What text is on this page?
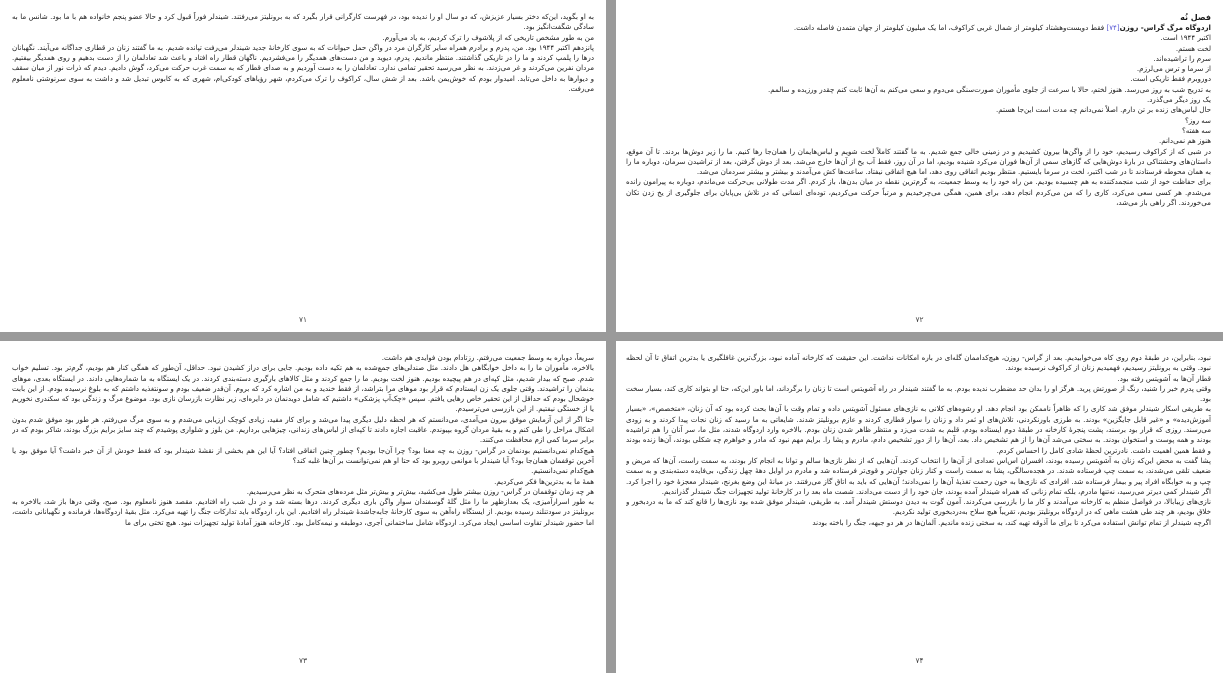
به او بگوید، این‌که دختر بسیار عزیزش، که دو سال او را ندیده بود، در فهرست کارگرانی قرار بگیرد که به برونلیتز می‌رفتند. شیندلر فوراً قبول کرد و حالا عضو پنجم خانواده هم با ما بود. شانس ما به سادگی شگفت‌انگیز بود.

من به طور مشخص تاریخی که از پلاشوف را ترک کردیم، به یاد می‌آورم.

پانزدهم اکتبر ۱۹۴۴ بود. من، پدرم و برادرم همراه سایر کارگران مرد در واگن حمل حیوانات که به سوی کارخانهٔ جدید شیندلر می‌رفت تپانده شدیم. به ما گفتند زنان در قطاری جداگانه می‌آیند. نگهبانان درها را پلمپ کردند و ما را در تاریکی گذاشتند. منتظر ماندیم. پدرم، دیوید و من دست‌های همدیگر را می‌فشردیم. ناگهان قطار راه افتاد و باعث شد تعادلمان را از دست بدهیم و روی همدیگر بیفتیم. مردان نفرین می‌کردند و غر می‌زدند. به نظر می‌رسید تحقیر تمامی ندارد. تعادلمان را به دست آوردیم و به صدای قطار که به سمت غرب حرکت می‌کرد، گوش دادیم. دیدم که ذرات نور از میان سقف و دیوارها به داخل می‌تابد. امیدوار بودم که خوش‌یمن باشد. بعد از شش سال، کراکوف را ترک می‌کردم، شهر رؤیاهای کودکی‌ام، شهری که به کابوس تبدیل شد و داشت به سوی سرنوشتی نامعلوم می‌رفت.

۷۱

فصل نُه

اردوگاه مرگ گراس- روزن[۷۴] فقط دویست‌وهشتاد کیلومتر از شمال غربی کراکوف، اما یک میلیون کیلومتر از جهان متمدن فاصله داشت.

اکتبر ۱۹۴۴ است.

لخت هستم.

سرم را تراشیده‌اند.

از سرما و ترس می‌لرزم.

دوروبرم فقط تاریکی است.

به تدریج شب به روز می‌رسد. هنوز لختم، حالا با سرعت از جلوی مأموران صورت‌سنگی می‌دوم و سعی می‌کنم به آن‌ها ثابت کنم چقدر ورزیده و سالمم.

یک روز دیگر می‌گذرد.

حال لباس‌های زنده بر تن دارم. اصلاً نمی‌دانم چه مدت است این‌جا هستم.

سه روز؟

سه هفته؟

هنوز هم نمی‌دانم.

در شبی که از کراکوف رسیدیم، خود را از واگن‌ها بیرون کشیدیم و در زمینی خالی جمع شدیم. به ما گفتند کاملاً لخت شویم و لباس‌هایمان را همان‌جا رها کنیم. ما را زیر دوش‌ها بردند. تا آن موقع، داستان‌های وحشتناکی در بارهٔ دوش‌هایی که گازهای سمی از آن‌ها فوران می‌کرد شنیده بودیم، اما در آن روز، فقط آب یخ از آن‌ها خارج می‌شد. بعد از دوش گرفتن، بعد از تراشیدن سرمان، دوباره ما را به همان محوطه فرستادند تا در شب اکتبر، لخت در سرما بایستیم. منتظر بودیم اتفاقی روی دهد، اما هیچ اتفاقی نیفتاد. ساعت‌ها کش می‌آمدند و بیشتر و بیشتر سردمان می‌شد.

برای حفاظت خود از شب منجمدکننده به هم چسبیده بودیم. من راه خود را به وسط جمعیت، به گرم‌ترین نقطه در میان بدن‌ها، باز کردم. اگر مدت طولانی بی‌حرکت می‌ماندم، دوباره به پیرامون رانده می‌شدم. هر کسی سعی می‌کرد، کاری را که من می‌کردم انجام دهد، برای همین، همگی می‌چرخیدیم و مرتباً حرکت می‌کردیم، توده‌ای انسانی که در تلاش بی‌پایان برای جلوگیری از یخ زدن تکان می‌خوردند. اگر راهی باز می‌شد،

۷۲

سریعاً، دوباره به وسط جمعیت می‌رفتم. رزتادام بودن فوایدی هم داشت.

بالاخره، مأموران ما را به داخل خوابگاهی هل دادند. مثل صندلی‌های جمع‌شده به هم تکیه داده بودیم. جایی برای دراز کشیدن نبود. حداقل، آن‌طور که همگی کنار هم بودیم، گرم‌تر بود. تسلیم خواب شدم. صبح که بیدار شدیم، مثل کپه‌ای در هم پیچیده بودیم. هنوز لخت بودیم. ما را جمع کردند و مثل کالاهای بارگیری دسته‌بندی کردند. در یک ایستگاه به ما شماره‌هایی دادند. در ایستگاه بعدی، موهای بدنمان را تراشیدند. وقتی جلوی یک زن ایستادم که قرار بود موهای مرا بتراشد، از فقط خندید و به من اشاره کرد که بروم. آن‌قدر ضعیف بودم و سونتغذیه داشتم که به بلوغ نرسیده بودم. از این بابت خوشحال بودم که حداقل از این تحقیر خاص رهایی یافتم. سپس «چک‌آپ پزشکی» داشتیم که شامل دویدنمان در دایره‌ای، زیر نظارت بازرسان نازی بود. موضوع مرگ و زندگی بود که سکندری نخوریم یا از خستگی نیفتیم. از این بازرسی می‌ترسیدم.

حتا اگر از این آزمایش موفق بیرون می‌آمدی، می‌دانستم که هر لحظه دلیل دیگری پیدا می‌شد و برای کار مفید، زیادی کوچک ارزیابی می‌شدم و به سوی مرگ می‌رفتم. هر طور بود موفق شدم بدون اشکال مراحل را طی کنم و به بقیهٔ مردان گروه بپیوندم. عاقبت اجازه دادند تا کپه‌ای از لباس‌های زندانی، چیزهایی برداریم. من بلوز و شلواری پوشیدم که چند سایز برایم بزرگ بودند، شاکر بودم که در برابر سرما کمی ازم محافظت می‌کنند.

هیچ‌کدام نمی‌دانستیم بودنمان در گراس- روزن به چه معنا بود؟ چرا آن‌جا بودیم؟ چطور چنین اتفاقی افتاد؟ آیا این هم بخشی از نقشهٔ شیندلر بود که فقط خودش از آن خبر داشت؟ آیا موفق بود یا آخرین توقفمان همان‌جا بود؟ آیا شیندلر با موانعی روبرو بود که حتا او هم نمی‌توانست بر آن‌ها غلبه کند؟

هیچ‌کدام نمی‌دانستیم.

همهٔ ما به بدترین‌ها فکر می‌کردیم.

هر چه زمان توقفمان در گراس- روزن بیشتر طول می‌کشید، بیش‌تر و بیش‌تر مثل مرده‌های متحرک به نظر می‌رسیدیم.

به طور اسرارآمیزی، یک بعدازظهر ما را مثل گلهٔ گوسفندان سوار واگن باری دیگری کردند. درها بسته شد و در دل شب راه افتادیم. مقصد هنوز نامعلوم بود. صبح، وقتی درها باز شد، بالاخره به برونلیتز در سودتنلند رسیده بودیم. از ایستگاه راه‌آهن به سوی کارخانهٔ جابه‌جاشدهٔ شیندلر راه افتادیم. این بار، اردوگاه باید تدارکات جنگ را تهیه می‌کرد. مثل بقیهٔ اردوگاه‌ها، فرمانده و نگهبانانی داشت، اما حضور شیندلر تفاوت اساسی ایجاد می‌کرد. اردوگاه شامل ساختمانی آجری، دوطبقه و نیمه‌کامل بود. کارخانه هنوز آمادهٔ تولید تجهیزات نبود. هیچ تختی برای ما

۷۳

نبود، بنابراین، در طبقهٔ دوم روی کاه می‌خوابیدیم. بعد از گراس- روزن، هیچ‌کداممان گله‌ای در باره امکانات نداشت. این حقیقت که کارخانه آماده نبود، بزرگ‌ترین غافلگیری یا بدترین اتفاق تا آن لحظه نبود. وقتی به برونلیتز رسیدیم، فهمیدیم زنان از کراکوف نرسیده بودند.

قطار آن‌ها به آشویتس رفته بود.

وقتی پدرم خبر را شنید، رنگ از صورتش پرید. هرگز او را بدان حد مضطرب ندیده بودم. به ما گفتند شیندلر در راه آشویتس است تا زنان را برگرداند، اما باور این‌که، حتا او بتواند کاری کند، بسیار سخت بود.

به طریقی اسکار شیندلر موفق شد کاری را که ظاهراً ناممکن بود انجام دهد. او رشوه‌های کلانی به نازی‌های مسئول آشویتس داده و تمام وقت با آن‌ها بحث کرده بود که آن زنان، «متخصص»، «بسیار آموزش‌دیده» و «غیر قابل جایگزین» بودند. به طرزی باورنکردنی، تلاش‌های او ثمر داد و زنان را سوار قطاری کردند و عازم برونلیتز شدند. شایعاتی به ما رسید که زنان نجات پیدا کردند و به زودی می‌رسند. روزی که قرار بود برسند، پشت پنجرهٔ کارخانه در طبقهٔ دوم ایستاده بودم، قلبم به شدت می‌زد و منتظر ظاهر شدن زنان بودم. بالاخره وارد اردوگاه شدند، مثل ما، سر آنان را هم تراشیده بودند و همه پوست و استخوان بودند. به سختی می‌شد آن‌ها را از هم تشخیص داد. بعد، آن‌ها را از دور تشخیص دادم، مادرم و پشا را. برایم مهم نبود که مادر و خواهرم چه شکلی بودند، آن‌ها زنده بودند و فقط همین اهمیت داشت. نادرترین لحظهٔ شادی کامل را احساس کردم.

پشا گفت به محض این‌که زنان به آشویتس رسیده بودند، افسران اس‌اس تعدادی از آن‌ها را انتخاب کردند. آن‌هایی که از نظر نازی‌ها سالم و توانا به انجام کار بودند، به سمت راست، آن‌ها که مریض و ضعیف تلقی می‌شدند، به سمت چپ فرستاده شدند. در هجده‌سالگی، پشا به سمت راست و کنار زنان جوان‌تر و قوی‌تر فرستاده شد و مادرم در اوایل دههٔ چهل زندگی، بی‌فایده دسته‌بندی و به سمت چپ و به خوابگاه افراد پیر و بیمار فرستاده شد. افرادی که نازی‌ها به خون رحمت تغذیهٔ آن‌ها را نمی‌دادند؛ آن‌هایی که باید به اتاق گاز می‌رفتند. در میانهٔ این وضع بغرنج، شیندلر معجزهٔ خود را اجرا کرد. اگر شیندلر کمی دیرتر می‌رسید، نه‌تنها مادرم، بلکه تمام زنانی که همراه شیندلر آمده بودند، جان خود را از دست می‌دادند. شصت ماه بعد را در کارخانهٔ تولید تجهیزات جنگ شیندلر گذراندیم.

نازی‌های زیبا‌بالا، در فواصل منظم به کارخانه می‌آمدند و کار ما را بازرسی می‌کردند. آمون گوت به دیدن دوستش شیندلر آمد. به طریقی، شیندلر موفق شده بود نازی‌ها را قانع کند که ما به دردبخور و خلاق بودیم، هر چند طی هشت ماهی که در اردوگاه برونلیتز بودیم، تقریباً هیچ سلاح به‌دردبخوری تولید نکردیم.

اگرچه شیندلر از تمام توانش استفاده می‌کرد تا برای ما آذوقه تهیه کند، به سختی زنده ماندیم. آلمان‌ها در هر دو جبهه، جنگ را باخته بودند

۷۴
